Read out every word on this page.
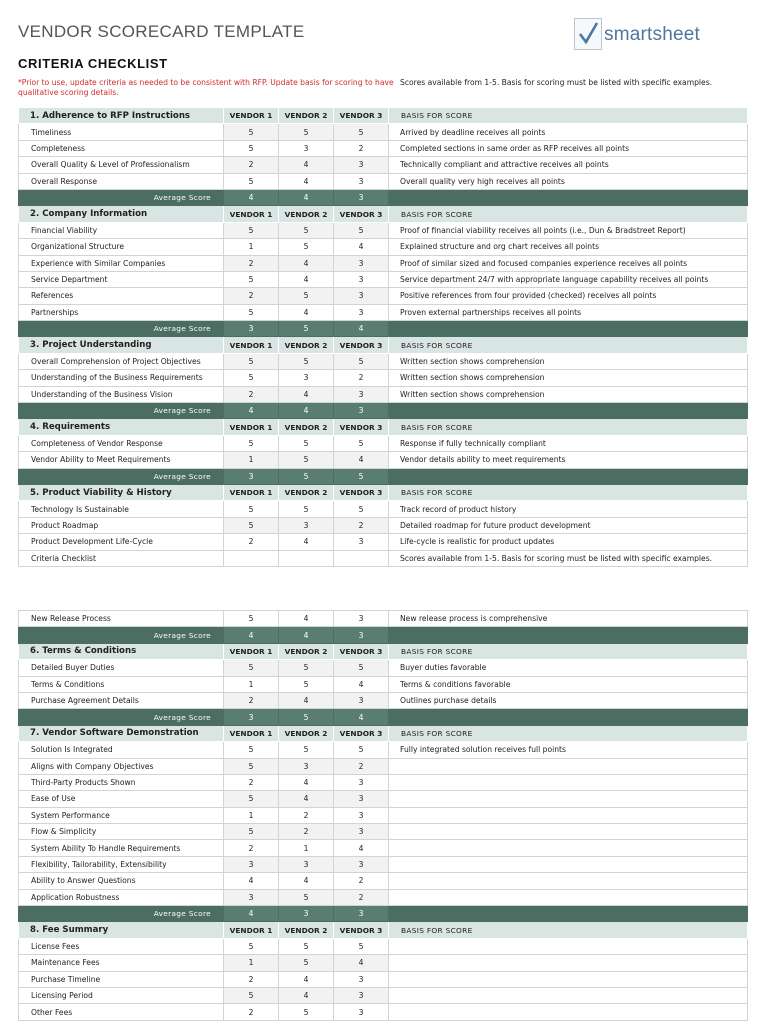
VENDOR SCORECARD TEMPLATE	smartsheet
CRITERIA CHECKLIST
*Prior to use, update criteria as needed to be consistent with RFP. Update basis for scoring to have qualitative scoring details.
Scores available from 1-5. Basis for scoring must be listed with specific examples.
1. Adherence to RFP Instructions	VENDOR 1	VENDOR 2	VENDOR 3	BASIS FOR SCORE
Timeliness	5	5	5	Arrived by deadline receives all points
Completeness	5	3	2	Completed sections in same order as RFP receives all points
Overall Quality & Level of Professionalism	2	4	3	Technically compliant and attractive receives all points
Overall Response	5	4	3	Overall quality very high receives all points
Average Score	4	4	3	
2. Company Information	VENDOR 1	VENDOR 2	VENDOR 3	BASIS FOR SCORE
Financial Viability	5	5	5	Proof of financial viability receives all points (i.e., Dun & Bradstreet Report)
Organizational Structure	1	5	4	Explained structure and org chart receives all points
Experience with Similar Companies	2	4	3	Proof of similar sized and focused companies experience receives all points
Service Department	5	4	3	Service department 24/7 with appropriate language capability receives all points
References	2	5	3	Positive references from four provided (checked) receives all points
Partnerships	5	4	3	Proven external partnerships receives all points
Average Score	3	5	4	
3. Project Understanding	VENDOR 1	VENDOR 2	VENDOR 3	BASIS FOR SCORE
Overall Comprehension of Project Objectives	5	5	5	Written section shows comprehension
Understanding of the Business Requirements	5	3	2	Written section shows comprehension
Understanding of the Business Vision	2	4	3	Written section shows comprehension
Average Score	4	4	3	
4. Requirements	VENDOR 1	VENDOR 2	VENDOR 3	BASIS FOR SCORE
Completeness of Vendor Response	5	5	5	Response if fully technically compliant
Vendor Ability to Meet Requirements	1	5	4	Vendor details ability to meet requirements
Average Score	3	5	5	
5. Product Viability & History	VENDOR 1	VENDOR 2	VENDOR 3	BASIS FOR SCORE
Technology Is Sustainable	5	5	5	Track record of product history
Product Roadmap	5	3	2	Detailed roadmap for future product development
Product Development Life-Cycle	2	4	3	Life-cycle is realistic for product updates
Criteria Checklist				Scores available from 1-5. Basis for scoring must be listed with specific examples.
New Release Process	5	4	3	New release process is comprehensive
Average Score	4	4	3	
6. Terms & Conditions	VENDOR 1	VENDOR 2	VENDOR 3	BASIS FOR SCORE
Detailed Buyer Duties	5	5	5	Buyer duties favorable
Terms & Conditions	1	5	4	Terms & conditions favorable
Purchase Agreement Details	2	4	3	Outlines purchase details
Average Score	3	5	4	
7. Vendor Software Demonstration	VENDOR 1	VENDOR 2	VENDOR 3	BASIS FOR SCORE
Solution Is Integrated	5	5	5	Fully integrated solution receives full points
Aligns with Company Objectives	5	3	2	
Third-Party Products Shown	2	4	3	
Ease of Use	5	4	3	
System Performance	1	2	3	
Flow & Simplicity	5	2	3	
System Ability To Handle Requirements	2	1	4	
Flexibility, Tailorability, Extensibility	3	3	3	
Ability to Answer Questions	4	4	2	
Application Robustness	3	5	2	
Average Score	4	3	3	
8. Fee Summary	VENDOR 1	VENDOR 2	VENDOR 3	BASIS FOR SCORE
License Fees	5	5	5	
Maintenance Fees	1	5	4	
Purchase Timeline	2	4	3	
Licensing Period	5	4	3	
Other Fees	2	5	3	
